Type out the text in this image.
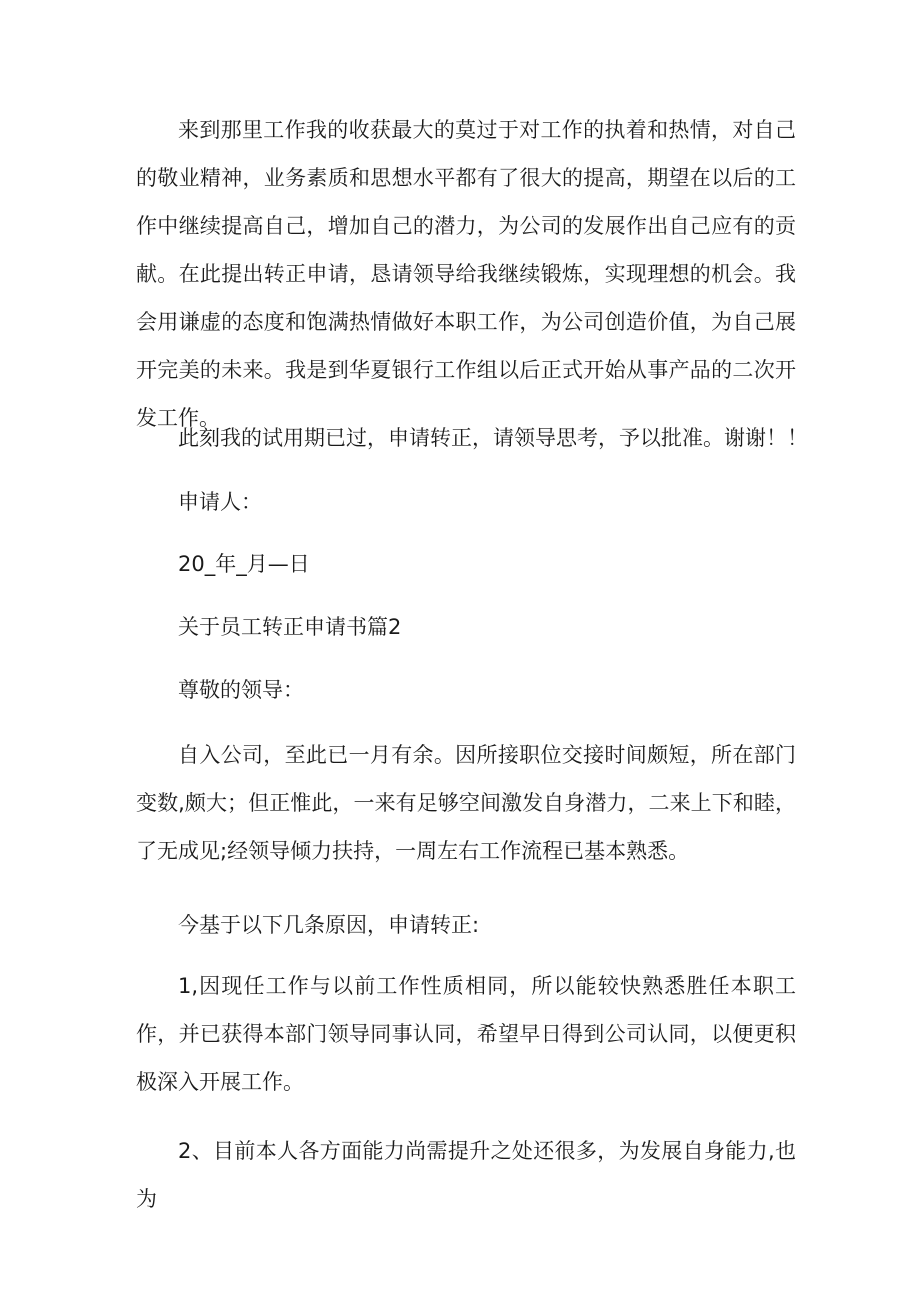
来到那里工作我的收获最大的莫过于对工作的执着和热情，对自己的敬业精神，业务素质和思想水平都有了很大的提高，期望在以后的工作中继续提高自己，增加自己的潜力，为公司的发展作出自己应有的贡献。在此提出转正申请，恳请领导给我继续锻炼，实现理想的机会。我会用谦虚的态度和饱满热情做好本职工作，为公司创造价值，为自己展开完美的未来。我是到华夏银行工作组以后正式开始从事产品的二次开发工作。

此刻我的试用期已过，申请转正，请领导思考，予以批准。谢谢！！

申请人：

20_年_月—日

关于员工转正申请书篇2

尊敬的领导：

自入公司，至此已一月有余。因所接职位交接时间颇短，所在部门变数,颇大；但正惟此，一来有足够空间激发自身潜力，二来上下和睦，了无成见;经领导倾力扶持，一周左右工作流程已基本熟悉。

今基于以下几条原因，申请转正:

1,因现任工作与以前工作性质相同，所以能较快熟悉胜任本职工作，并已获得本部门领导同事认同，希望早日得到公司认同，以便更积极深入开展工作。

2、目前本人各方面能力尚需提升之处还很多，为发展自身能力,也为
